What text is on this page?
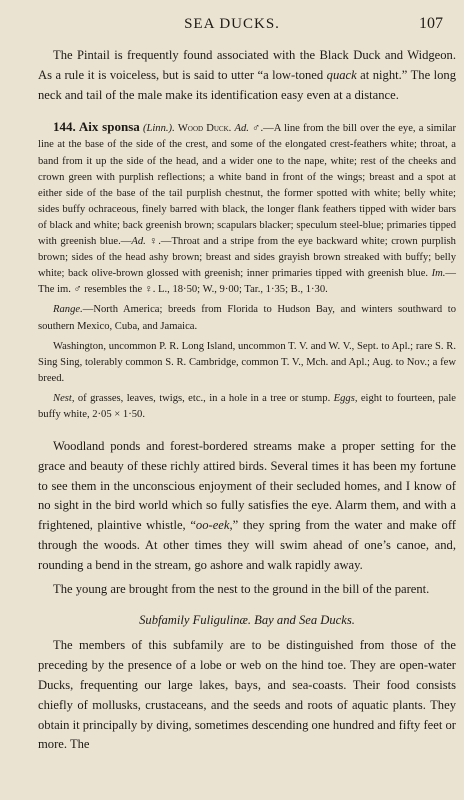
SEA DUCKS.	107

The Pintail is frequently found associated with the Black Duck and Widgeon. As a rule it is voiceless, but is said to utter “a low-toned quack at night.” The long neck and tail of the male make its identification easy even at a distance.

144. Aix sponsa (Linn.). Wood Duck. Ad. ♂.—A line from the bill over the eye, a similar line at the base of the side of the crest, and some of the elongated crest-feathers white; throat, a band from it up the side of the head, and a wider one to the nape, white; rest of the cheeks and crown green with purplish reflections; a white band in front of the wings; breast and a spot at either side of the base of the tail purplish chestnut, the former spotted with white; belly white; sides buffy ochraceous, finely barred with black, the longer flank feathers tipped with wider bars of black and white; back greenish brown; scapulars blacker; speculum steel-blue; primaries tipped with greenish blue.—Ad. ♀.—Throat and a stripe from the eye backward white; crown purplish brown; sides of the head ashy brown; breast and sides grayish brown streaked with buffy; belly white; back olive-brown glossed with greenish; inner primaries tipped with greenish blue. Im.—The im. ♂ resembles the ♀. L., 18·50; W., 9·00; Tar., 1·35; B., 1·30.

Range.—North America; breeds from Florida to Hudson Bay, and winters southward to southern Mexico, Cuba, and Jamaica.

Washington, uncommon P. R. Long Island, uncommon T. V. and W. V., Sept. to Apl.; rare S. R. Sing Sing, tolerably common S. R. Cambridge, common T. V., Mch. and Apl.; Aug. to Nov.; a few breed.

Nest, of grasses, leaves, twigs, etc., in a hole in a tree or stump. Eggs, eight to fourteen, pale buffy white, 2·05 × 1·50.

Woodland ponds and forest-bordered streams make a proper setting for the grace and beauty of these richly attired birds. Several times it has been my fortune to see them in the unconscious enjoyment of their secluded homes, and I know of no sight in the bird world which so fully satisfies the eye. Alarm them, and with a frightened, plaintive whistle, “oo-eek,” they spring from the water and make off through the woods. At other times they will swim ahead of one’s canoe, and, rounding a bend in the stream, go ashore and walk rapidly away.

The young are brought from the nest to the ground in the bill of the parent.

Subfamily Fuligulinæ. Bay and Sea Ducks.

The members of this subfamily are to be distinguished from those of the preceding by the presence of a lobe or web on the hind toe. They are open-water Ducks, frequenting our large lakes, bays, and sea-coasts. Their food consists chiefly of mollusks, crustaceans, and the seeds and roots of aquatic plants. They obtain it principally by diving, sometimes descending one hundred and fifty feet or more. The
